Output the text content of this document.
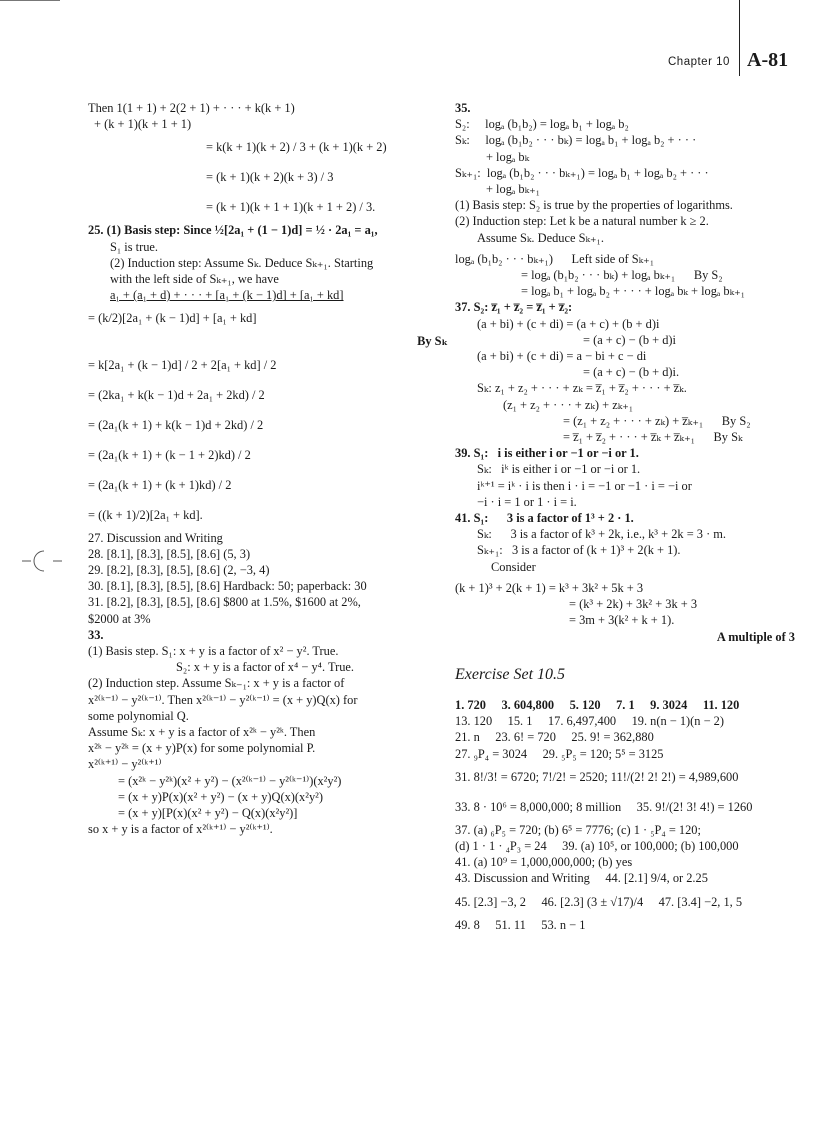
Chapter 10 A-81
Then 1(1 + 1) + 2(2 + 1) + · · · + k(k + 1)
+ (k + 1)(k + 1 + 1)
= k(k + 1)(k + 2) / 3 + (k + 1)(k + 2)
= (k + 1)(k + 2)(k + 3) / 3
= (k + 1)(k + 1 + 1)(k + 1 + 2) / 3.
25. (1) Basis step: Since ½[2a₁ + (1 − 1)d] = ½ · 2a₁ = a₁,
S₁ is true.
(2) Induction step: Assume Sₖ. Deduce Sₖ₊₁. Starting
with the left side of Sₖ₊₁, we have
a₁ + (a₁ + d) + · · · + [a₁ + (k − 1)d] + [a₁ + kd]
= (k/2)[2a₁ + (k − 1)d] + [a₁ + kd]
By Sₖ
= k[2a₁ + (k − 1)d] / 2 + 2[a₁ + kd] / 2
= (2ka₁ + k(k − 1)d + 2a₁ + 2kd) / 2
= (2a₁(k + 1) + k(k − 1)d + 2kd) / 2
= (2a₁(k + 1) + (k − 1 + 2)kd) / 2
= (2a₁(k + 1) + (k + 1)kd) / 2
= ((k + 1)/2)[2a₁ + kd].
27. Discussion and Writing
28. [8.1], [8.3], [8.5], [8.6] (5, 3)
29. [8.2], [8.3], [8.5], [8.6] (2, −3, 4)
30. [8.1], [8.3], [8.5], [8.6] Hardback: 50; paperback: 30
31. [8.2], [8.3], [8.5], [8.6] $800 at 1.5%, $1600 at 2%,
$2000 at 3%
33.
(1) Basis step. S₁: x + y is a factor of x² − y². True.
S₂: x + y is a factor of x⁴ − y⁴. True.
(2) Induction step. Assume Sₖ₋₁: x + y is a factor of
x²⁽ᵏ⁻¹⁾ − y²⁽ᵏ⁻¹⁾. Then x²⁽ᵏ⁻¹⁾ − y²⁽ᵏ⁻¹⁾ = (x + y)Q(x) for
some polynomial Q.
Assume Sₖ: x + y is a factor of x²ᵏ − y²ᵏ. Then
x²ᵏ − y²ᵏ = (x + y)P(x) for some polynomial P.
x²⁽ᵏ⁺¹⁾ − y²⁽ᵏ⁺¹⁾
= (x²ᵏ − y²ᵏ)(x² + y²) − (x²⁽ᵏ⁻¹⁾ − y²⁽ᵏ⁻¹⁾)(x²y²)
= (x + y)P(x)(x² + y²) − (x + y)Q(x)(x²y²)
= (x + y)[P(x)(x² + y²) − Q(x)(x²y²)]
so x + y is a factor of x²⁽ᵏ⁺¹⁾ − y²⁽ᵏ⁺¹⁾.
35.
S₂:     logₐ (b₁b₂) = logₐ b₁ + logₐ b₂
Sₖ:     logₐ (b₁b₂ · · · bₖ) = logₐ b₁ + logₐ b₂ + · · ·
+ logₐ bₖ
Sₖ₊₁:  logₐ (b₁b₂ · · · bₖ₊₁) = logₐ b₁ + logₐ b₂ + · · ·
+ logₐ bₖ₊₁
(1) Basis step: S₂ is true by the properties of logarithms.
(2) Induction step: Let k be a natural number k ≥ 2.
Assume Sₖ. Deduce Sₖ₊₁.
logₐ (b₁b₂ · · · bₖ₊₁)      Left side of Sₖ₊₁
= logₐ (b₁b₂ · · · bₖ) + logₐ bₖ₊₁      By S₂
= logₐ b₁ + logₐ b₂ + · · · + logₐ bₖ + logₐ bₖ₊₁
37. S₂: z̅₁ + z̅₂ = z̅₁ + z̅₂:
(a + bi) + (c + di) = (a + c) + (b + d)i
= (a + c) − (b + d)i
(a + bi) + (c + di) = a − bi + c − di
= (a + c) − (b + d)i.
Sₖ: z₁ + z₂ + · · · + zₖ = z̅₁ + z̅₂ + · · · + z̅ₖ.
(z₁ + z₂ + · · · + zₖ) + zₖ₊₁
= (z₁ + z₂ + · · · + zₖ) + z̅ₖ₊₁      By S₂
= z̅₁ + z̅₂ + · · · + z̅ₖ + z̅ₖ₊₁      By Sₖ
39. S₁:   i is either i or −1 or −i or 1.
Sₖ:   iᵏ is either i or −1 or −i or 1.
iᵏ⁺¹ = iᵏ · i is then i · i = −1 or −1 · i = −i or
−i · i = 1 or 1 · i = i.
41. S₁:      3 is a factor of 1³ + 2 · 1.
Sₖ:      3 is a factor of k³ + 2k, i.e., k³ + 2k = 3 · m.
Sₖ₊₁:   3 is a factor of (k + 1)³ + 2(k + 1).
Consider
(k + 1)³ + 2(k + 1) = k³ + 3k² + 5k + 3
= (k³ + 2k) + 3k² + 3k + 3
= 3m + 3(k² + k + 1).
A multiple of 3
Exercise Set 10.5
1. 720     3. 604,800     5. 120     7. 1     9. 3024     11. 120
13. 120     15. 1     17. 6,497,400     19. n(n − 1)(n − 2)
21. n     23. 6! = 720     25. 9! = 362,880
27. ₉P₄ = 3024     29. ₅P₅ = 120; 5⁵ = 3125
31. 8!/3! = 6720; 7!/2! = 2520; 11!/(2! 2! 2!) = 4,989,600
33. 8 · 10⁶ = 8,000,000; 8 million     35. 9!/(2! 3! 4!) = 1260
37. (a) ₆P₅ = 720; (b) 6⁵ = 7776; (c) 1 · ₅P₄ = 120;
(d) 1 · 1 · ₄P₃ = 24     39. (a) 10⁵, or 100,000; (b) 100,000
41. (a) 10⁹ = 1,000,000,000; (b) yes
43. Discussion and Writing     44. [2.1] 9/4, or 2.25
45. [2.3] −3, 2     46. [2.3] (3 ± √17)/4     47. [3.4] −2, 1, 5
49. 8     51. 11     53. n − 1
